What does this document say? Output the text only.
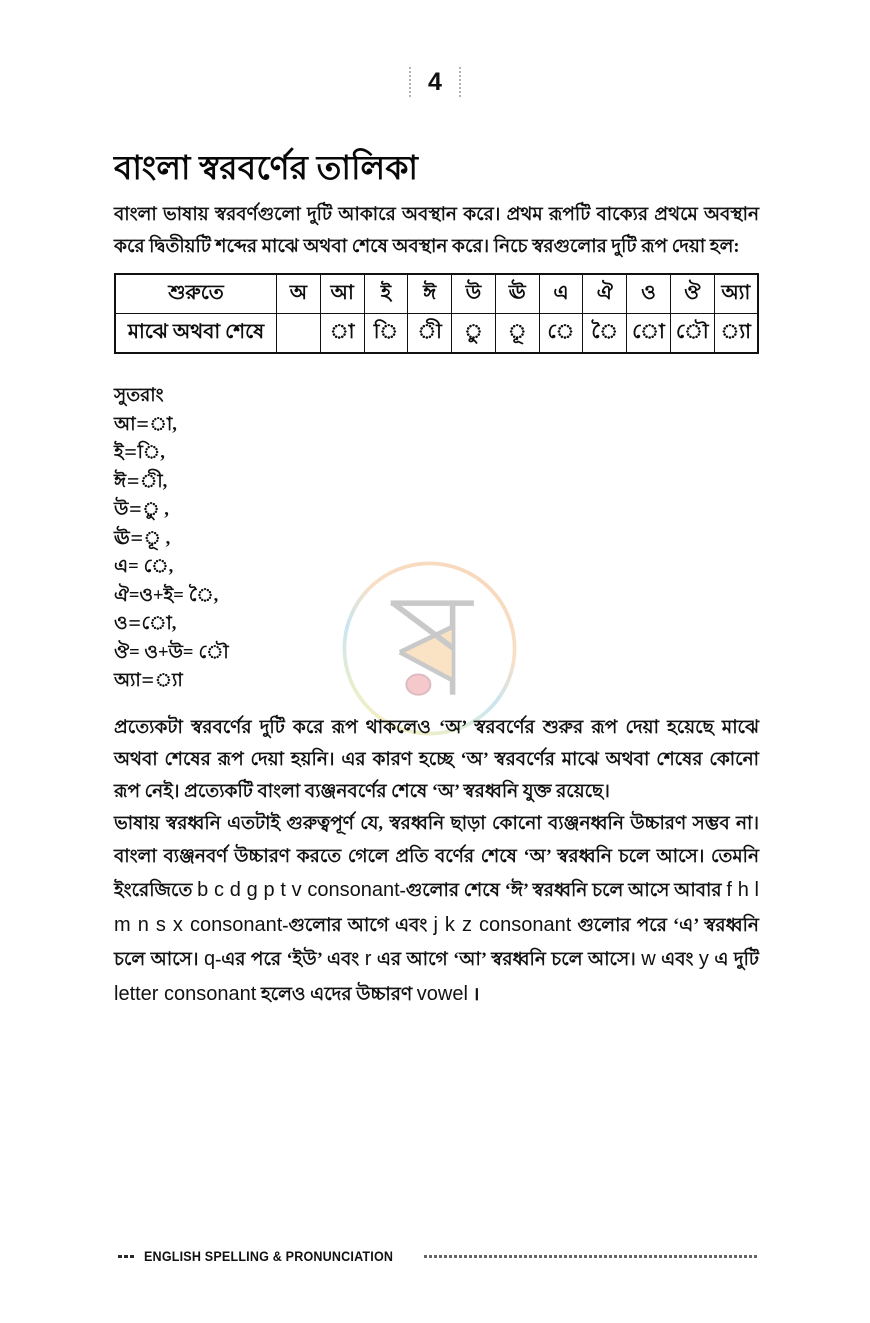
4
বাংলা স্বরবর্ণের তালিকা

বাংলা ভাষায় স্বরবর্ণগুলো দুটি আকারে অবস্থান করে। প্রথম রূপটি বাক্যের প্রথমে অবস্থান করে দ্বিতীয়টি শব্দের মাঝে অথবা শেষে অবস্থান করে। নিচে স্বরগুলোর দুটি রূপ দেয়া হল:

শুরুতে	অ	আ	ই	ঈ	উ	ঊ	এ	ঐ	ও	ঔ	অ্যা
মাঝে অথবা শেষে		া	ি	ী	ু	ূ	ে	ৈ	ো	ৌ	্যা
সুতরাং
আ=া,
ই=ি,
ঈ=ী,
উ=ু ,
ঊ=ূ ,
এ= ে,
ঐ=ও+ই= ৈ,
ও=ো,
ঔ= ও+উ= ৌ
অ্যা=্যা

প্রত্যেকটা স্বরবর্ণের দুটি করে রূপ থাকলেও ‘অ’ স্বরবর্ণের শুরুর রূপ দেয়া হয়েছে মাঝে অথবা শেষের রূপ দেয়া হয়নি। এর কারণ হচ্ছে ‘অ’ স্বরবর্ণের মাঝে অথবা শেষের কোনো রূপ নেই। প্রত্যেকটি বাংলা ব্যঞ্জনবর্ণের শেষে ‘অ’ স্বরধ্বনি যুক্ত রয়েছে।

ভাষায় স্বরধ্বনি এতটাই গুরুত্বপূর্ণ যে, স্বরধ্বনি ছাড়া কোনো ব্যঞ্জনধ্বনি উচ্চারণ সম্ভব না। বাংলা ব্যঞ্জনবর্ণ উচ্চারণ করতে গেলে প্রতি বর্ণের শেষে ‘অ’ স্বরধ্বনি চলে আসে। তেমনি ইংরেজিতে b c d g p t v consonant-গুলোর শেষে ‘ঈ’ স্বরধ্বনি চলে আসে আবার f h l m n s x consonant-গুলোর আগে এবং j k z consonant গুলোর পরে ‘এ’ স্বরধ্বনি চলে আসে। q-এর পরে ‘ইউ’ এবং r এর আগে ‘আ’ স্বরধ্বনি চলে আসে। w এবং y এ দুটি letter consonant হলেও এদের উচ্চারণ vowel ।

ENGLISH SPELLING & PRONUNCIATION
